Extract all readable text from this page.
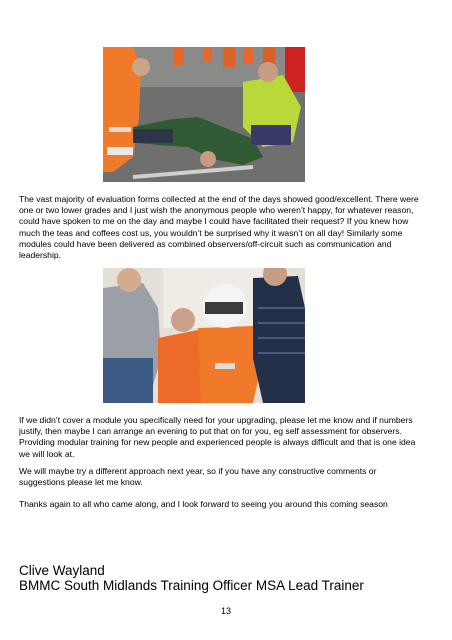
The vast majority of evaluation forms collected at the end of the days showed good/excellent. There were one or two lower grades and I just wish the anonymous people who weren’t happy, for whatever reason, could have spoken to me on the day and maybe I could have facilitated their request? If you knew how much the teas and coffees cost us, you wouldn’t be surprised why it wasn’t on all day! Similarly some modules could have been delivered as combined observers/off-circuit such as communication and leadership.

If we didn’t cover a module you specifically need for your upgrading, please let me know and if numbers justify, then maybe I can arrange an evening to put that on for you, eg self assessment for observers. Providing modular training for new people and experienced people is always difficult and that is one idea we will look at.

We will maybe try a different approach next year, so if you have any constructive comments or suggestions please let me know.

Thanks again to all who came along, and I look forward to seeing you around this coming season

Clive Wayland
BMMC South Midlands Training Officer MSA Lead Trainer
13
